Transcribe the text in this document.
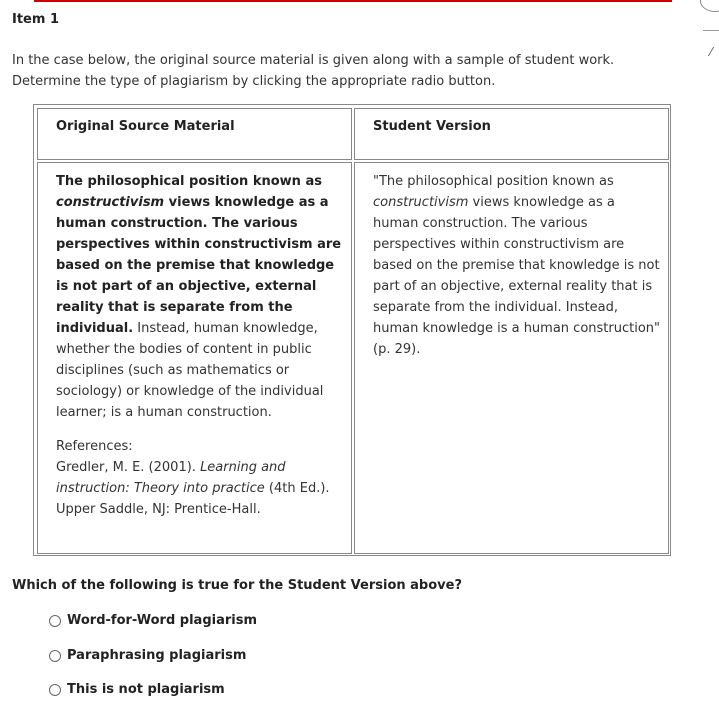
⁄
Item 1
In the case below, the original source material is given along with a sample of student work.
Determine the type of plagiarism by clicking the appropriate radio button.
Original Source Material	Student Version
The philosophical position known as constructivism views knowledge as a human construction. The various perspectives within constructivism are based on the premise that knowledge is not part of an objective, external reality that is separate from the individual. Instead, human knowledge, whether the bodies of content in public disciplines (such as mathematics or sociology) or knowledge of the individual learner; is a human construction.
References:
Gredler, M. E. (2001). Learning and instruction: Theory into practice (4th Ed.). Upper Saddle, NJ: Prentice-Hall.
"The philosophical position known as constructivism views knowledge as a human construction. The various perspectives within constructivism are based on the premise that knowledge is not part of an objective, external reality that is separate from the individual. Instead, human knowledge is a human construction" (p. 29).
Which of the following is true for the Student Version above?
Word-for-Word plagiarism
Paraphrasing plagiarism
This is not plagiarism
